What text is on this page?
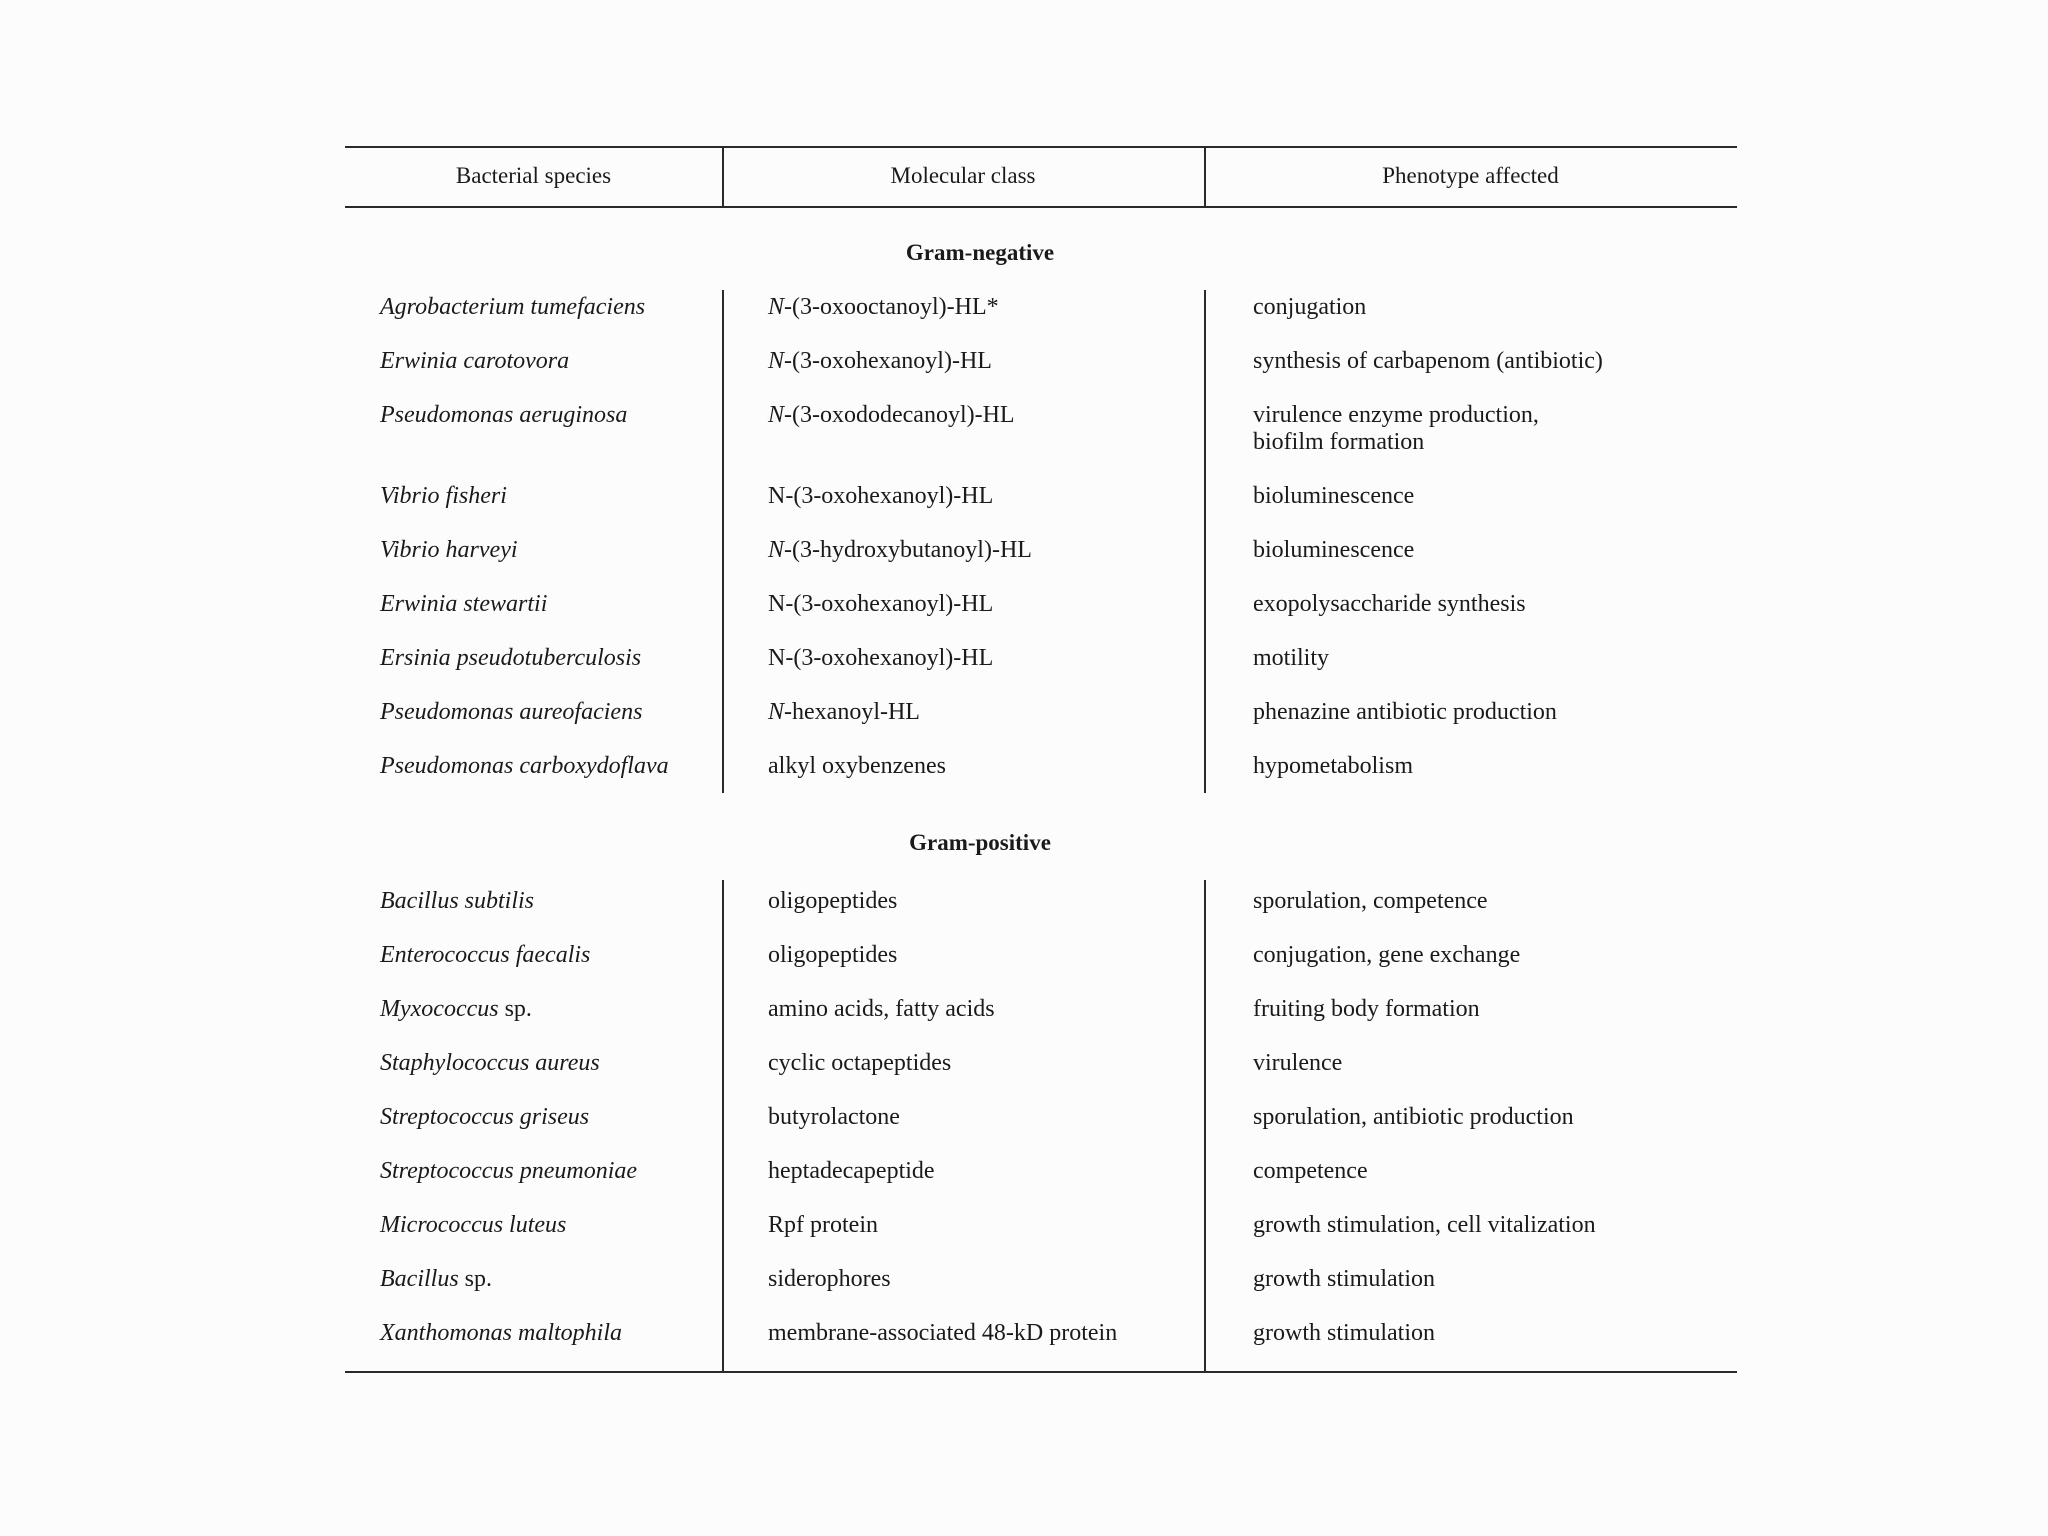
Bacterial species	Molecular class	Phenotype affected
Gram-negative
Gram-positive
Agrobacterium tumefaciens	N-(3-oxooctanoyl)-HL*	conjugation
Erwinia carotovora	N-(3-oxohexanoyl)-HL	synthesis of carbapenom (antibiotic)
Pseudomonas aeruginosa	N-(3-oxododecanoyl)-HL	virulence enzyme production,
biofilm formation
Vibrio fisheri	N-(3-oxohexanoyl)-HL	bioluminescence
Vibrio harveyi	N-(3-hydroxybutanoyl)-HL	bioluminescence
Erwinia stewartii	N-(3-oxohexanoyl)-HL	exopolysaccharide synthesis
Ersinia pseudotuberculosis	N-(3-oxohexanoyl)-HL	motility
Pseudomonas aureofaciens	N-hexanoyl-HL	phenazine antibiotic production
Pseudomonas carboxydoflava	alkyl oxybenzenes	hypometabolism
Bacillus subtilis	oligopeptides	sporulation, competence
Enterococcus faecalis	oligopeptides	conjugation, gene exchange
Myxococcus sp.	amino acids, fatty acids	fruiting body formation
Staphylococcus aureus	cyclic octapeptides	virulence
Streptococcus griseus	butyrolactone	sporulation, antibiotic production
Streptococcus pneumoniae	heptadecapeptide	competence
Micrococcus luteus	Rpf protein	growth stimulation, cell vitalization
Bacillus sp.	siderophores	growth stimulation
Xanthomonas maltophila	membrane-associated 48-kD protein	growth stimulation
